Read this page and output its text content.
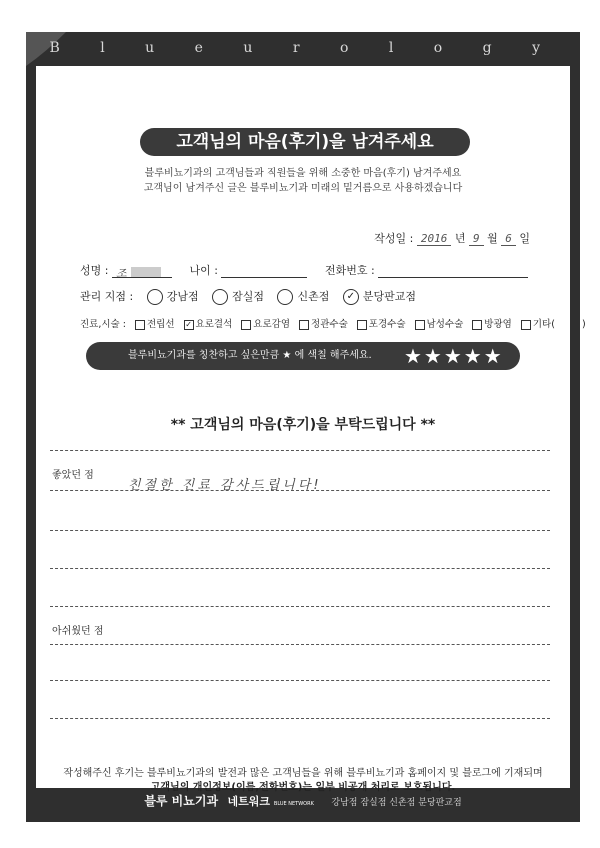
B l u e u r o l o g y
고객님의 마음(후기)을 남겨주세요
블루비뇨기과의 고객님들과 직원들을 위해 소중한 마음(후기) 남겨주세요
고객님이 남겨주신 글은 블루비뇨기과 미래의 밑거름으로 사용하겠습니다
작성일 : 2016 년 9 월 6 일
성명 : 조	나이 :	전화번호 :
관리 지점 :	강남점	잠실점	신촌점 ✓ 분당판교점
진료,시술 : 전립선 ✓ 요로결석 요로감염 정관수술 포경수술 남성수술 방광염 기타(	)
블루비뇨기과를 칭찬하고 싶은만큼 ★ 에 색칠 해주세요. ★★★★★
** 고객님의 마음(후기)을 부탁드립니다 **
좋았던 점
친절한 진료 감사드립니다!
아쉬웠던 점
작성해주신 후기는 블루비뇨기과의 발전과 많은 고객님들을 위해 블루비뇨기과 홈페이지 및 블로그에 기재되며
고객님의 개인정보(이름,전화번호)는 일부 비공개 처리로 보호됩니다.
블루 비뇨기과 네트워크 BLUE NETWORK 강남점 잠실점 신촌점 분당판교점
